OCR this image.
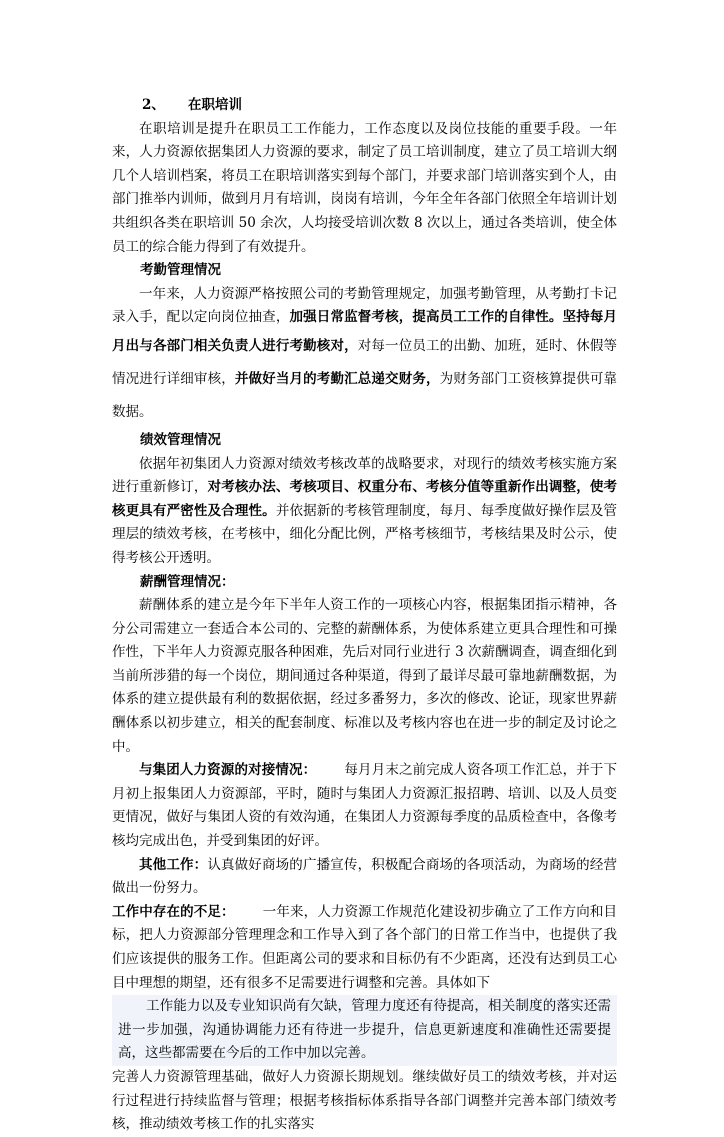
2、 在职培训

在职培训是提升在职员工工作能力，工作态度以及岗位技能的重要手段。一年来，人力资源依据集团人力资源的要求，制定了员工培训制度，建立了员工培训大纲几个人培训档案，将员工在职培训落实到每个部门，并要求部门培训落实到个人，由部门推举内训师，做到月月有培训，岗岗有培训，今年全年各部门依照全年培训计划共组织各类在职培训 50 余次，人均接受培训次数 8 次以上，通过各类培训，使全体员工的综合能力得到了有效提升。

考勤管理情况

一年来，人力资源严格按照公司的考勤管理规定，加强考勤管理，从考勤打卡记录入手，配以定向岗位抽查，加强日常监督考核，提高员工工作的自律性。坚持每月月出与各部门相关负责人进行考勤核对，对每一位员工的出勤、加班，延时、休假等情况进行详细审核，并做好当月的考勤汇总递交财务，为财务部门工资核算提供可靠数据。

绩效管理情况

依据年初集团人力资源对绩效考核改革的战略要求，对现行的绩效考核实施方案进行重新修订，对考核办法、考核项目、权重分布、考核分值等重新作出调整，使考核更具有严密性及合理性。并依据新的考核管理制度，每月、每季度做好操作层及管理层的绩效考核，在考核中，细化分配比例，严格考核细节，考核结果及时公示，使得考核公开透明。

薪酬管理情况：

薪酬体系的建立是今年下半年人资工作的一项核心内容，根据集团指示精神，各分公司需建立一套适合本公司的、完整的薪酬体系，为使体系建立更具合理性和可操作性，下半年人力资源克服各种困难，先后对同行业进行 3 次薪酬调查，调查细化到当前所涉猎的每一个岗位，期间通过各种渠道，得到了最详尽最可靠地薪酬数据，为体系的建立提供最有利的数据依据，经过多番努力，多次的修改、论证，现家世界薪酬体系以初步建立，相关的配套制度、标准以及考核内容也在进一步的制定及讨论之中。

与集团人力资源的对接情况： 每月月末之前完成人资各项工作汇总，并于下月初上报集团人力资源部，平时，随时与集团人力资源汇报招聘、培训、以及人员变更情况，做好与集团人资的有效沟通，在集团人力资源每季度的品质检查中，各像考核均完成出色，并受到集团的好评。

其他工作：认真做好商场的广播宣传，积极配合商场的各项活动，为商场的经营做出一份努力。

工作中存在的不足： 一年来，人力资源工作规范化建设初步确立了工作方向和目标，把人力资源部分管理理念和工作导入到了各个部门的日常工作当中，也提供了我们应该提供的服务工作。但距离公司的要求和目标仍有不少距离，还没有达到员工心目中理想的期望，还有很多不足需要进行调整和完善。具体如下

工作能力以及专业知识尚有欠缺，管理力度还有待提高，相关制度的落实还需进一步加强，沟通协调能力还有待进一步提升，信息更新速度和准确性还需要提高，这些都需要在今后的工作中加以完善。

完善人力资源管理基础，做好人力资源长期规划。继续做好员工的绩效考核，并对运行过程进行持续监督与管理；根据考核指标体系指导各部门调整并完善本部门绩效考核，推动绩效考核工作的扎实落实
